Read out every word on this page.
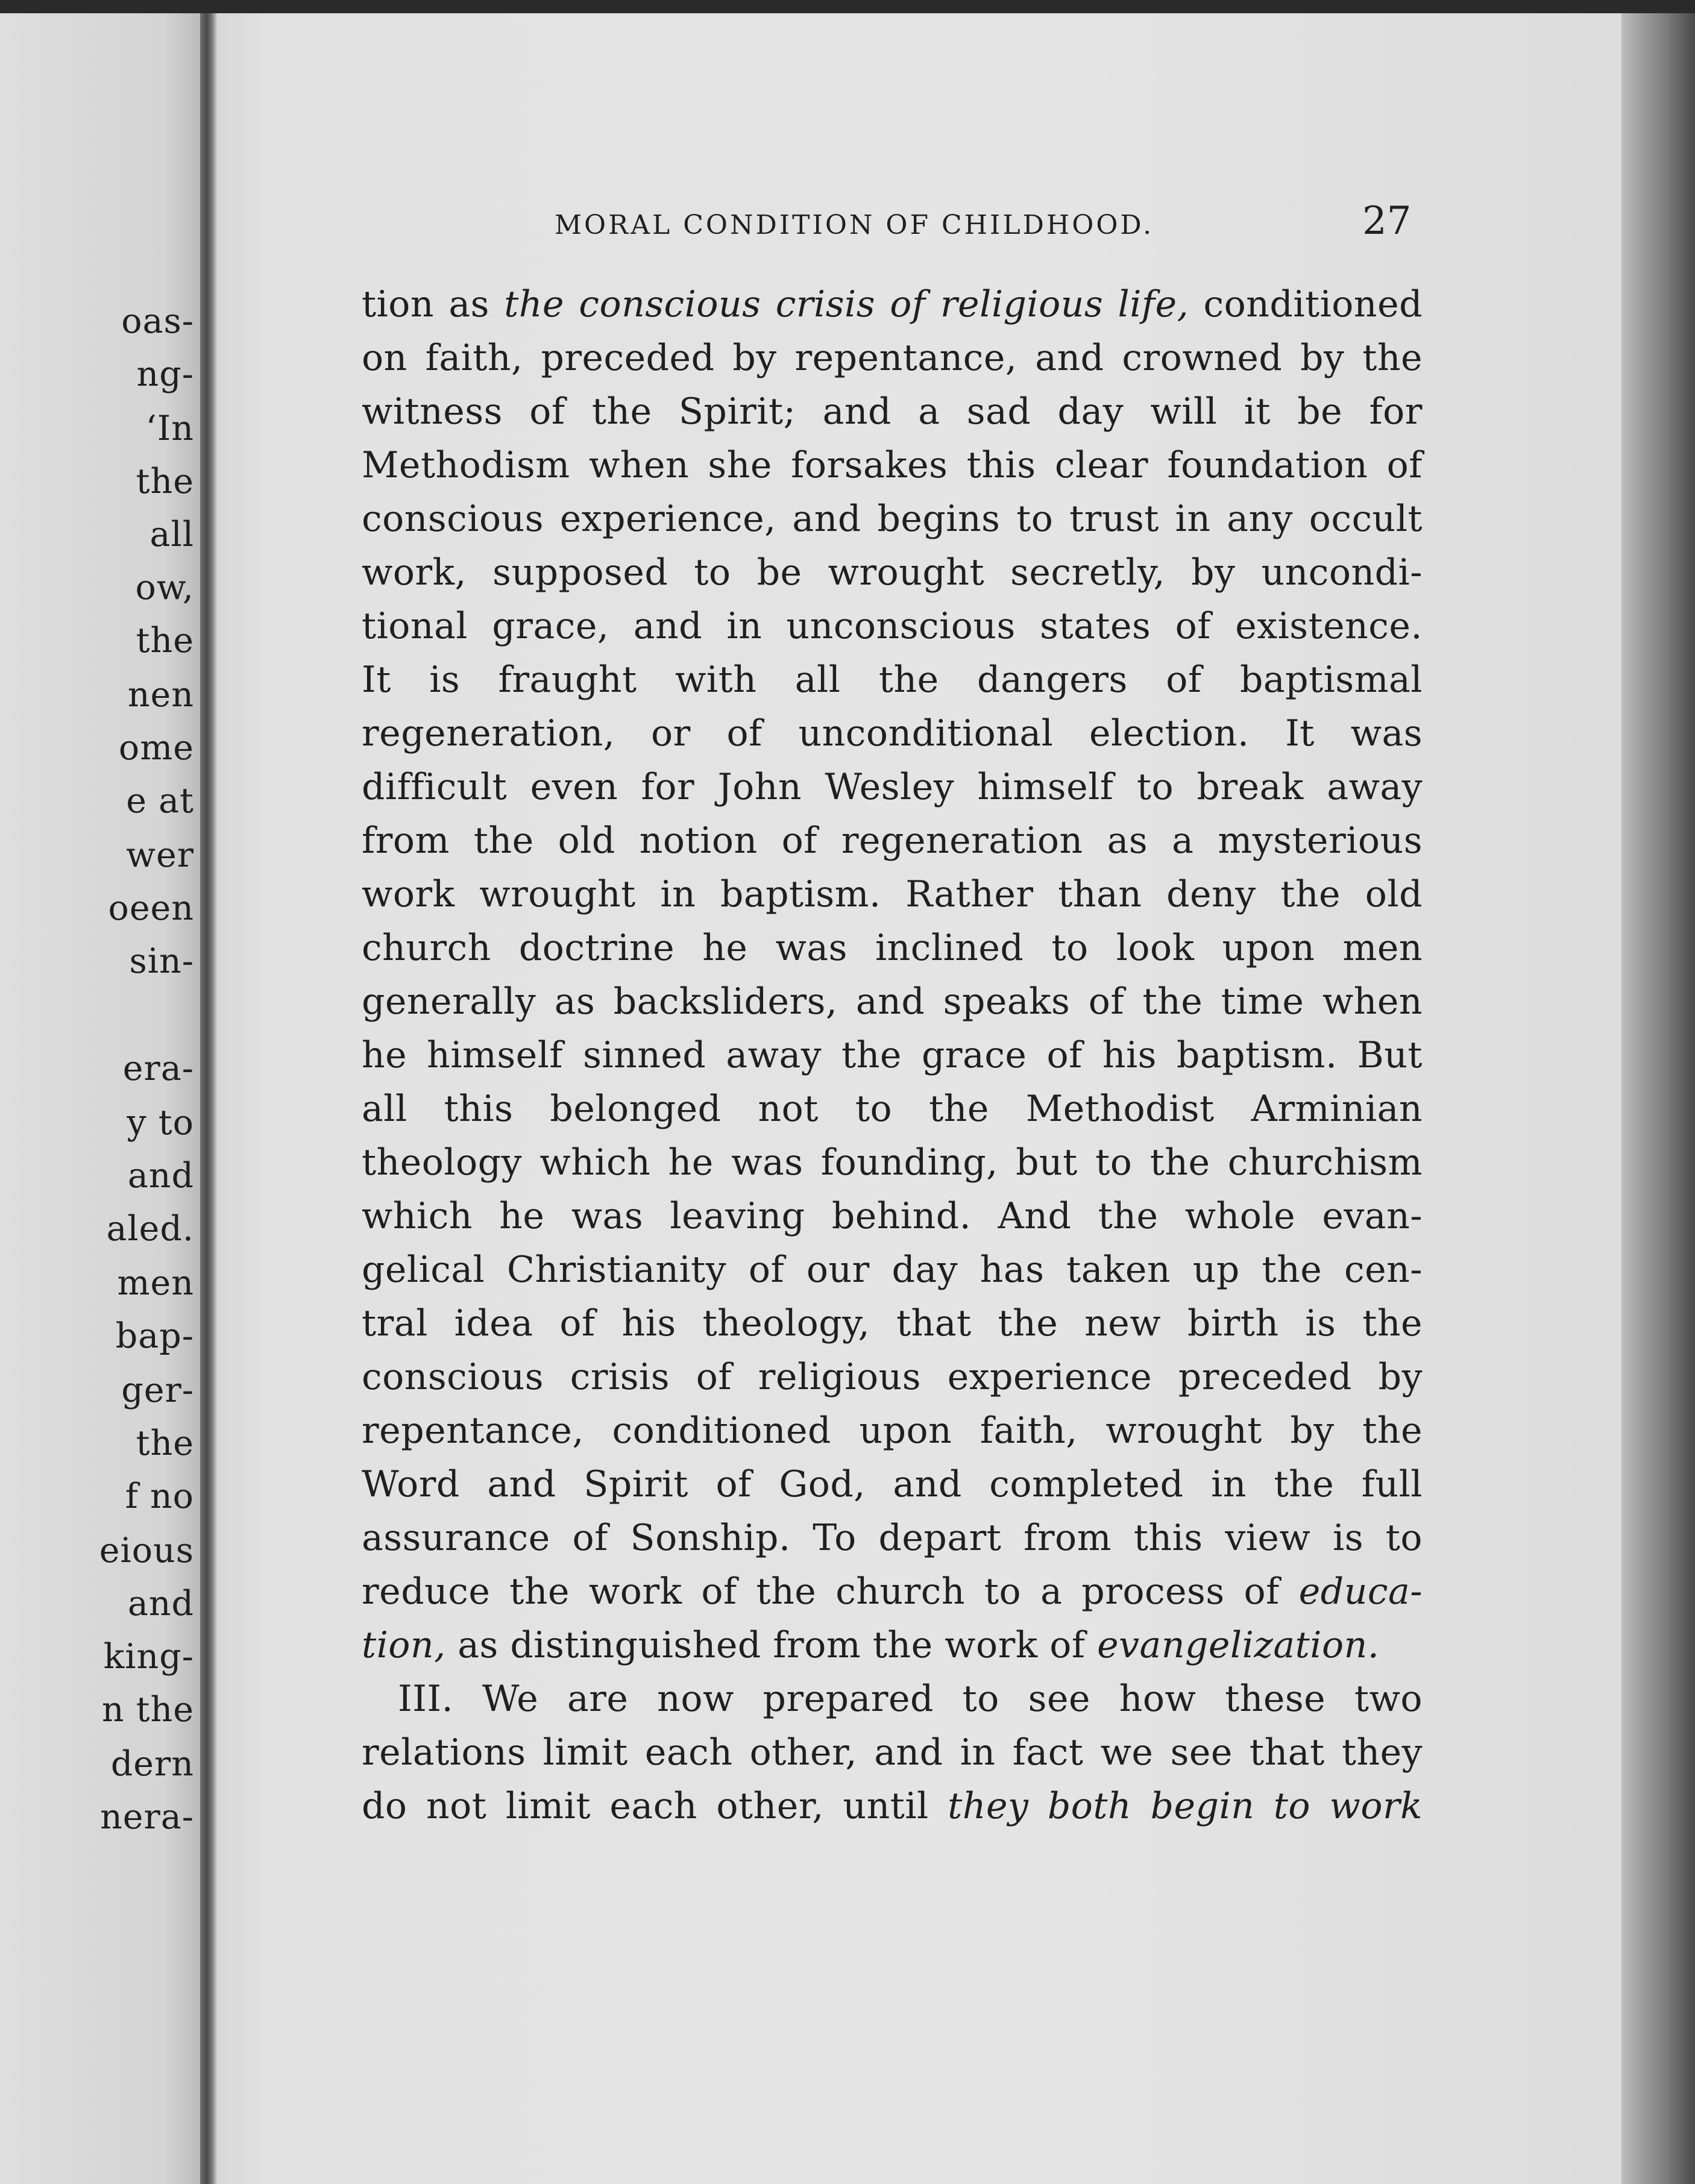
oas-
ng-
‘In
the
all
ow,
the
nen
ome
e at
wer
oeen
sin-
era-
y to
and
aled.
men
bap-
ger-
the
f no
eious
and
king-
n the
dern
nera-
MORAL CONDITION OF CHILDHOOD.	27
tion as the conscious crisis of religious life, conditioned
on faith, preceded by repentance, and crowned by the
witness of the Spirit; and a sad day will it be for
Methodism when she forsakes this clear foundation of
conscious experience, and begins to trust in any occult
work, supposed to be wrought secretly, by uncondi-
tional grace, and in unconscious states of existence.
It is fraught with all the dangers of baptismal
regeneration, or of unconditional election. It was
difficult even for John Wesley himself to break away
from the old notion of regeneration as a mysterious
work wrought in baptism. Rather than deny the old
church doctrine he was inclined to look upon men
generally as backsliders, and speaks of the time when
he himself sinned away the grace of his baptism. But
all this belonged not to the Methodist Arminian
theology which he was founding, but to the churchism
which he was leaving behind. And the whole evan-
gelical Christianity of our day has taken up the cen-
tral idea of his theology, that the new birth is the
conscious crisis of religious experience preceded by
repentance, conditioned upon faith, wrought by the
Word and Spirit of God, and completed in the full
assurance of Sonship. To depart from this view is to
reduce the work of the church to a process of educa-
tion, as distinguished from the work of evangelization.
III. We are now prepared to see how these two
relations limit each other, and in fact we see that they
do not limit each other, until they both begin to work
